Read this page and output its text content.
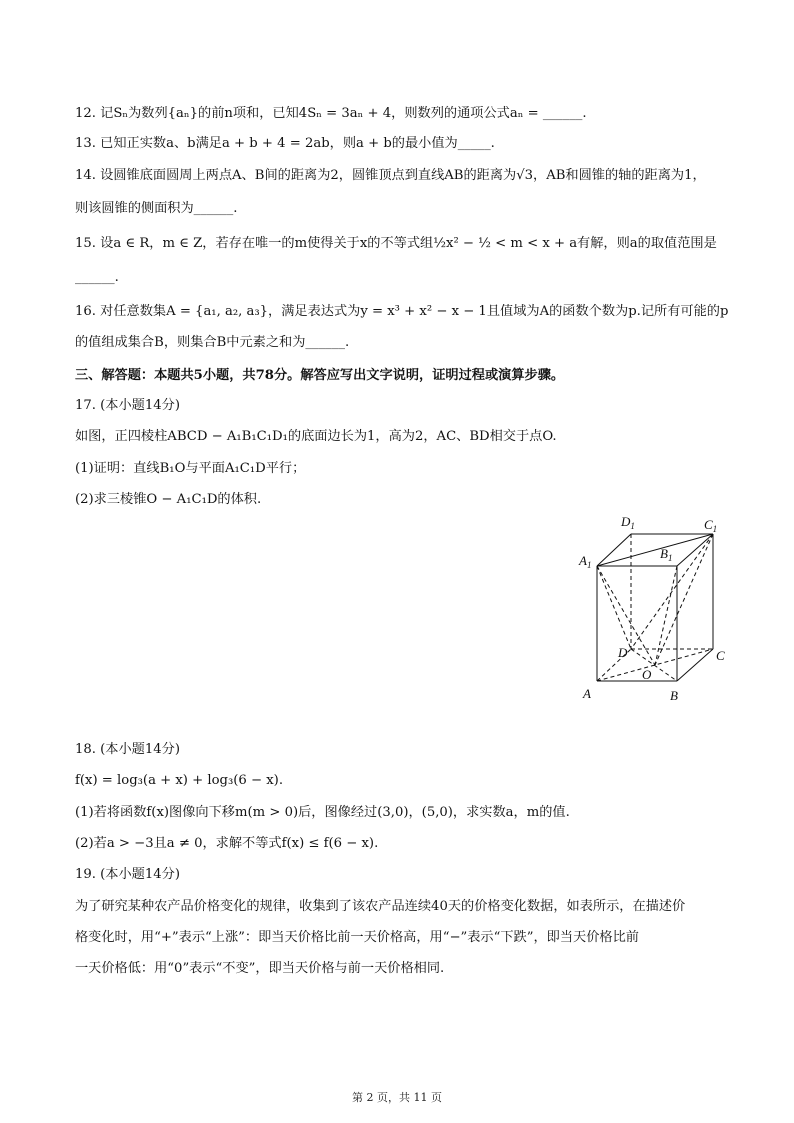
12. 记Sₙ为数列{aₙ}的前n项和，已知4Sₙ = 3aₙ + 4，则数列的通项公式aₙ = ______.
13. 已知正实数a、b满足a + b + 4 = 2ab，则a + b的最小值为_____.
14. 设圆锥底面圆周上两点A、B间的距离为2，圆锥顶点到直线AB的距离为√3，AB和圆锥的轴的距离为1，
则该圆锥的侧面积为______.
15. 设a ∈ R，m ∈ Z，若存在唯一的m使得关于x的不等式组½x² − ½ < m < x + a有解，则a的取值范围是
______.
16. 对任意数集A = {a₁, a₂, a₃}，满足表达式为y = x³ + x² − x − 1且值域为A的函数个数为p.记所有可能的p
的值组成集合B，则集合B中元素之和为______.
三、解答题：本题共5小题，共78分。解答应写出文字说明，证明过程或演算步骤。
17. (本小题14分)
如图，正四棱柱ABCD − A₁B₁C₁D₁的底面边长为1，高为2，AC、BD相交于点O.
(1)证明：直线B₁O与平面A₁C₁D平行；
(2)求三棱锥O − A₁C₁D的体积.
$D_1$	$C_1$
$B_1$
$A_1$
D	C
O
A	B
18. (本小题14分)
f(x) = log₃(a + x) + log₃(6 − x).
(1)若将函数f(x)图像向下移m(m > 0)后，图像经过(3,0)，(5,0)，求实数a，m的值.
(2)若a > −3且a ≠ 0，求解不等式f(x) ≤ f(6 − x).
19. (本小题14分)
为了研究某种农产品价格变化的规律，收集到了该农产品连续40天的价格变化数据，如表所示，在描述价
格变化时，用“+”表示“上涨”：即当天价格比前一天价格高，用“−”表示“下跌”，即当天价格比前
一天价格低：用“0”表示“不变”，即当天价格与前一天价格相同.
第 2 页，共 11 页
